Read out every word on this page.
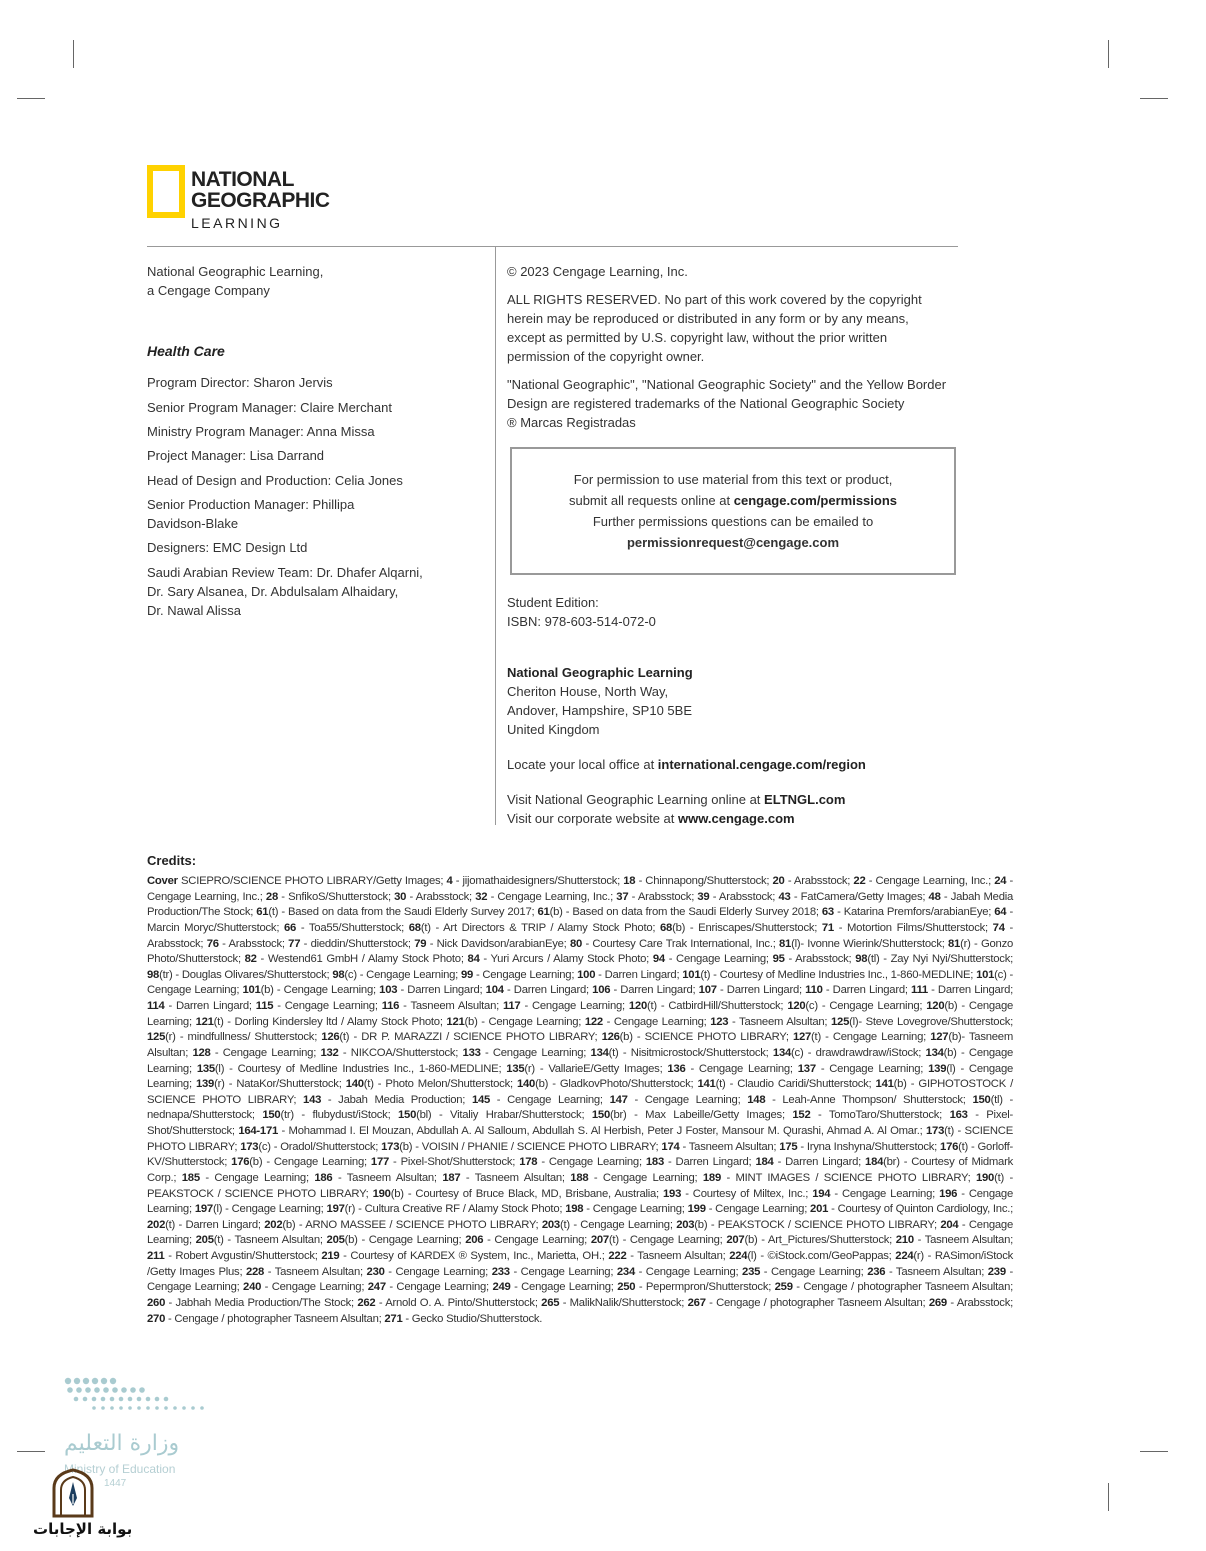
NATIONAL
GEOGRAPHIC
LEARNING
National Geographic Learning,
a Cengage Company
Health Care
Program Director: Sharon Jervis
Senior Program Manager: Claire Merchant
Ministry Program Manager: Anna Missa
Project Manager: Lisa Darrand
Head of Design and Production: Celia Jones
Senior Production Manager: Phillipa
Davidson-Blake
Designers: EMC Design Ltd
Saudi Arabian Review Team: Dr. Dhafer Alqarni,
Dr. Sary Alsanea, Dr. Abdulsalam Alhaidary,
Dr. Nawal Alissa
© 2023 Cengage Learning, Inc.
ALL RIGHTS RESERVED. No part of this work covered by the copyright
herein may be reproduced or distributed in any form or by any means,
except as permitted by U.S. copyright law, without the prior written
permission of the copyright owner.
"National Geographic", "National Geographic Society" and the Yellow Border
Design are registered trademarks of the National Geographic Society
® Marcas Registradas
For permission to use material from this text or product,
submit all requests online at cengage.com/permissions
Further permissions questions can be emailed to
permissionrequest@cengage.com
Student Edition:
ISBN: 978-603-514-072-0
National Geographic Learning
Cheriton House, North Way,
Andover, Hampshire, SP10 5BE
United Kingdom
Locate your local office at international.cengage.com/region
Visit National Geographic Learning online at ELTNGL.com
Visit our corporate website at www.cengage.com
Credits:
Cover SCIEPRO/SCIENCE PHOTO LIBRARY/Getty Images; 4 - jijomathaidesigners/Shutterstock; 18 - Chinnapong/Shutterstock; 20 - Arabsstock; 22 - Cengage Learning, Inc.; 24 - Cengage Learning, Inc.; 28 - SnfikoS/Shutterstock; 30 - Arabsstock; 32 - Cengage Learning, Inc.; 37 - Arabsstock; 39 - Arabsstock; 43 - FatCamera/Getty Images; 48 - Jabah Media Production/The Stock; 61(t) - Based on data from the Saudi Elderly Survey 2017; 61(b) - Based on data from the Saudi Elderly Survey 2018; 63 - Katarina Premfors/arabianEye; 64 - Marcin Moryc/Shutterstock; 66 - Toa55/Shutterstock; 68(t) - Art Directors & TRIP / Alamy Stock Photo; 68(b) - Enriscapes/Shutterstock; 71 - Motortion Films/Shutterstock; 74 - Arabsstock; 76 - Arabsstock; 77 - dieddin/Shutterstock; 79 - Nick Davidson/arabianEye; 80 - Courtesy Care Trak International, Inc.; 81(l)- Ivonne Wierink/Shutterstock; 81(r) - Gonzo Photo/Shutterstock; 82 - Westend61 GmbH / Alamy Stock Photo; 84 - Yuri Arcurs / Alamy Stock Photo; 94 - Cengage Learning; 95 - Arabsstock; 98(tl) - Zay Nyi Nyi/Shutterstock; 98(tr) - Douglas Olivares/Shutterstock; 98(c) - Cengage Learning; 99 - Cengage Learning; 100 - Darren Lingard; 101(t) - Courtesy of Medline Industries Inc., 1-860-MEDLINE; 101(c) - Cengage Learning; 101(b) - Cengage Learning; 103 - Darren Lingard; 104 - Darren Lingard; 106 - Darren Lingard; 107 - Darren Lingard; 110 - Darren Lingard; 111 - Darren Lingard; 114 - Darren Lingard; 115 - Cengage Learning; 116 - Tasneem Alsultan; 117 - Cengage Learning; 120(t) - CatbirdHill/Shutterstock; 120(c) - Cengage Learning; 120(b) - Cengage Learning; 121(t) - Dorling Kindersley ltd / Alamy Stock Photo; 121(b) - Cengage Learning; 122 - Cengage Learning; 123 - Tasneem Alsultan; 125(l)- Steve Lovegrove/Shutterstock; 125(r) - mindfullness/ Shutterstock; 126(t) - DR P. MARAZZI / SCIENCE PHOTO LIBRARY; 126(b) - SCIENCE PHOTO LIBRARY; 127(t) - Cengage Learning; 127(b)- Tasneem Alsultan; 128 - Cengage Learning; 132 - NIKCOA/Shutterstock; 133 - Cengage Learning; 134(t) - Nisitmicrostock/Shutterstock; 134(c) - drawdrawdraw/iStock; 134(b) - Cengage Learning; 135(l) - Courtesy of Medline Industries Inc., 1-860-MEDLINE; 135(r) - VallarieE/Getty Images; 136 - Cengage Learning; 137 - Cengage Learning; 139(l) - Cengage Learning; 139(r) - NataKor/Shutterstock; 140(t) - Photo Melon/Shutterstock; 140(b) - GladkovPhoto/Shutterstock; 141(t) - Claudio Caridi/Shutterstock; 141(b) - GIPHOTOSTOCK / SCIENCE PHOTO LIBRARY; 143 - Jabah Media Production; 145 - Cengage Learning; 147 - Cengage Learning; 148 - Leah-Anne Thompson/ Shutterstock; 150(tl) - nednapa/Shutterstock; 150(tr) - flubydust/iStock; 150(bl) - Vitaliy Hrabar/Shutterstock; 150(br) - Max Labeille/Getty Images; 152 - TomoTaro/Shutterstock; 163 - Pixel-Shot/Shutterstock; 164-171 - Mohammad I. El Mouzan, Abdullah A. Al Salloum, Abdullah S. Al Herbish, Peter J Foster, Mansour M. Qurashi, Ahmad A. Al Omar.; 173(t) - SCIENCE PHOTO LIBRARY; 173(c) - Oradol/Shutterstock; 173(b) - VOISIN / PHANIE / SCIENCE PHOTO LIBRARY; 174 - Tasneem Alsultan; 175 - Iryna Inshyna/Shutterstock; 176(t) - Gorloff-KV/Shutterstock; 176(b) - Cengage Learning; 177 - Pixel-Shot/Shutterstock; 178 - Cengage Learning; 183 - Darren Lingard; 184 - Darren Lingard; 184(br) - Courtesy of Midmark Corp.; 185 - Cengage Learning; 186 - Tasneem Alsultan; 187 - Tasneem Alsultan; 188 - Cengage Learning; 189 - MINT IMAGES / SCIENCE PHOTO LIBRARY; 190(t) - PEAKSTOCK / SCIENCE PHOTO LIBRARY; 190(b) - Courtesy of Bruce Black, MD, Brisbane, Australia; 193 - Courtesy of Miltex, Inc.; 194 - Cengage Learning; 196 - Cengage Learning; 197(l) - Cengage Learning; 197(r) - Cultura Creative RF / Alamy Stock Photo; 198 - Cengage Learning; 199 - Cengage Learning; 201 - Courtesy of Quinton Cardiology, Inc.; 202(t) - Darren Lingard; 202(b) - ARNO MASSEE / SCIENCE PHOTO LIBRARY; 203(t) - Cengage Learning; 203(b) - PEAKSTOCK / SCIENCE PHOTO LIBRARY; 204 - Cengage Learning; 205(t) - Tasneem Alsultan; 205(b) - Cengage Learning; 206 - Cengage Learning; 207(t) - Cengage Learning; 207(b) - Art_Pictures/Shutterstock; 210 - Tasneem Alsultan; 211 - Robert Avgustin/Shutterstock; 219 - Courtesy of KARDEX ® System, Inc., Marietta, OH.; 222 - Tasneem Alsultan; 224(l) - ©iStock.com/GeoPappas; 224(r) - RASimon/iStock /Getty Images Plus; 228 - Tasneem Alsultan; 230 - Cengage Learning; 233 - Cengage Learning; 234 - Cengage Learning; 235 - Cengage Learning; 236 - Tasneem Alsultan; 239 - Cengage Learning; 240 - Cengage Learning; 247 - Cengage Learning; 249 - Cengage Learning; 250 - Pepermpron/Shutterstock; 259 - Cengage / photographer Tasneem Alsultan; 260 - Jabhah Media Production/The Stock; 262 - Arnold O. A. Pinto/Shutterstock; 265 - MalikNalik/Shutterstock; 267 - Cengage / photographer Tasneem Alsultan; 269 - Arabsstock; 270 - Cengage / photographer Tasneem Alsultan; 271 - Gecko Studio/Shutterstock.
وزارة التعليم
Ministry of Education
1447
بوابة الإجابات
